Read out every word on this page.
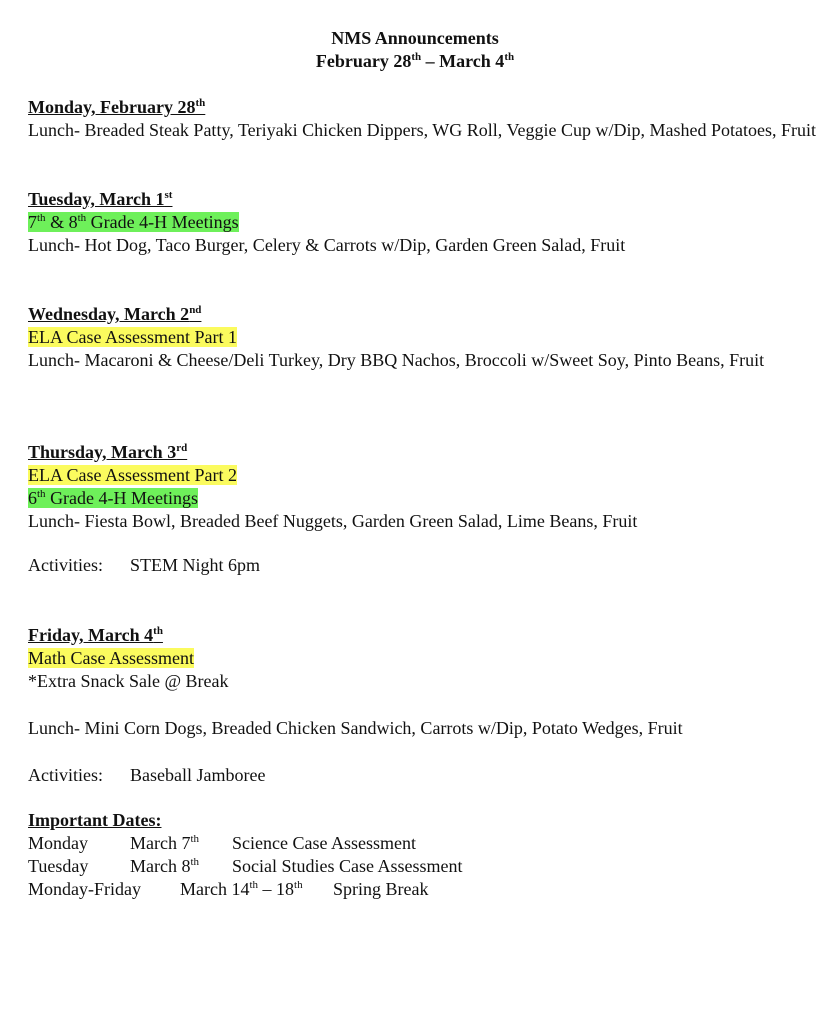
NMS Announcements
February 28th – March 4th
Monday, February 28th
Lunch- Breaded Steak Patty, Teriyaki Chicken Dippers, WG Roll, Veggie Cup w/Dip, Mashed Potatoes, Fruit
Tuesday, March 1st
7th & 8th Grade 4-H Meetings
Lunch- Hot Dog, Taco Burger, Celery & Carrots w/Dip, Garden Green Salad, Fruit
Wednesday, March 2nd
ELA Case Assessment Part 1
Lunch- Macaroni & Cheese/Deli Turkey, Dry BBQ Nachos, Broccoli w/Sweet Soy, Pinto Beans, Fruit
Thursday, March 3rd
ELA Case Assessment Part 2
6th Grade 4-H Meetings
Lunch- Fiesta Bowl, Breaded Beef Nuggets, Garden Green Salad, Lime Beans, Fruit
Activities: STEM Night 6pm
Friday, March 4th
Math Case Assessment
*Extra Snack Sale @ Break
Lunch- Mini Corn Dogs, Breaded Chicken Sandwich, Carrots w/Dip, Potato Wedges, Fruit
Activities: Baseball Jamboree
Important Dates:
Monday March 7th Science Case Assessment
Tuesday March 8th Social Studies Case Assessment
Monday-Friday March 14th – 18th Spring Break
